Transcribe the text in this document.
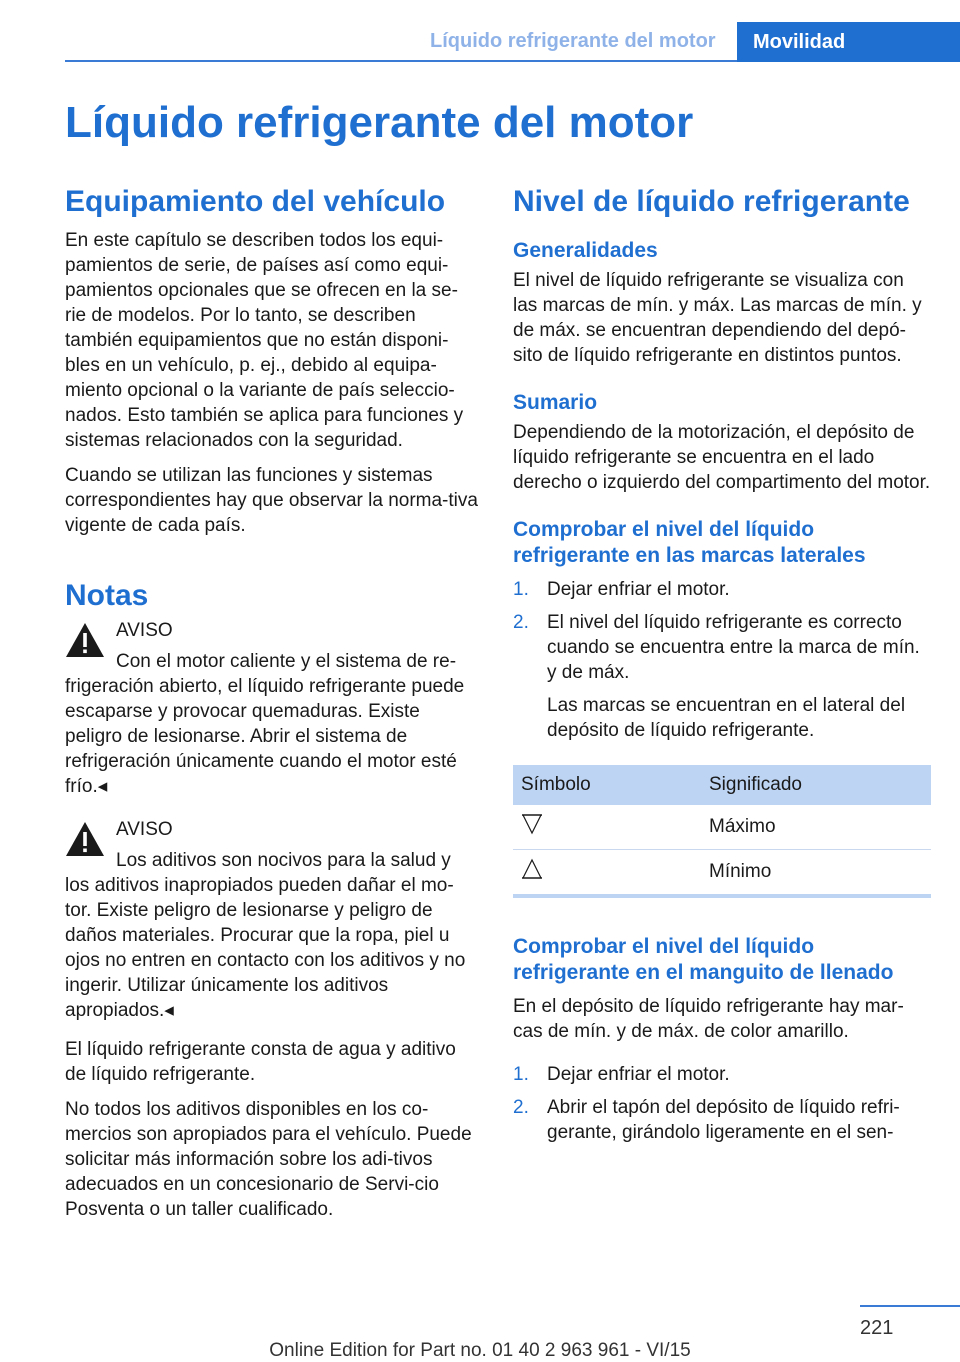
Líquido refrigerante del motor Movilidad
Líquido refrigerante del motor
Equipamiento del vehículo

En este capítulo se describen todos los equi‐pamientos de serie, de países así como equi‐pamientos opcionales que se ofrecen en la se‐rie de modelos. Por lo tanto, se describen también equipamientos que no están disponi‐bles en un vehículo, p. ej., debido al equipa‐miento opcional o la variante de país seleccio‐nados. Esto también se aplica para funciones y sistemas relacionados con la seguridad.

Cuando se utilizan las funciones y sistemas correspondientes hay que observar la norma‐tiva vigente de cada país.

Notas
AVISO

Con el motor caliente y el sistema de re‐

frigeración abierto, el líquido refrigerante puede escaparse y provocar quemaduras. Existe peligro de lesionarse. Abrir el sistema de refrigeración únicamente cuando el motor esté frío.◂

AVISO

Los aditivos son nocivos para la salud y

los aditivos inapropiados pueden dañar el mo‐tor. Existe peligro de lesionarse y peligro de daños materiales. Procurar que la ropa, piel u ojos no entren en contacto con los aditivos y no ingerir. Utilizar únicamente los aditivos apropiados.◂

El líquido refrigerante consta de agua y aditivo de líquido refrigerante.

No todos los aditivos disponibles en los co‐mercios son apropiados para el vehículo. Puede solicitar más información sobre los adi‐tivos adecuados en un concesionario de Servi‐cio Posventa o un taller cualificado.

Nivel de líquido refrigerante
Generalidades

El nivel de líquido refrigerante se visualiza con las marcas de mín. y máx. Las marcas de mín. y de máx. se encuentran dependiendo del depó‐sito de líquido refrigerante en distintos puntos.

Sumario

Dependiendo de la motorización, el depósito de líquido refrigerante se encuentra en el lado derecho o izquierdo del compartimento del motor.

Comprobar el nivel del líquido refrigerante en las marcas laterales
1. Dejar enfriar el motor.
2. El nivel del líquido refrigerante es correcto cuando se encuentra entre la marca de mín. y de máx.
Las marcas se encuentran en el lateral del depósito de líquido refrigerante.
Símbolo	Significado
	Máximo
	Mínimo
Comprobar el nivel del líquido refrigerante en el manguito de llenado

En el depósito de líquido refrigerante hay mar‐cas de mín. y de máx. de color amarillo.

1. Dejar enfriar el motor.
2. Abrir el tapón del depósito de líquido refri‐gerante, girándolo ligeramente en el sen‐
221
Online Edition for Part no. 01 40 2 963 961 - VI/15
